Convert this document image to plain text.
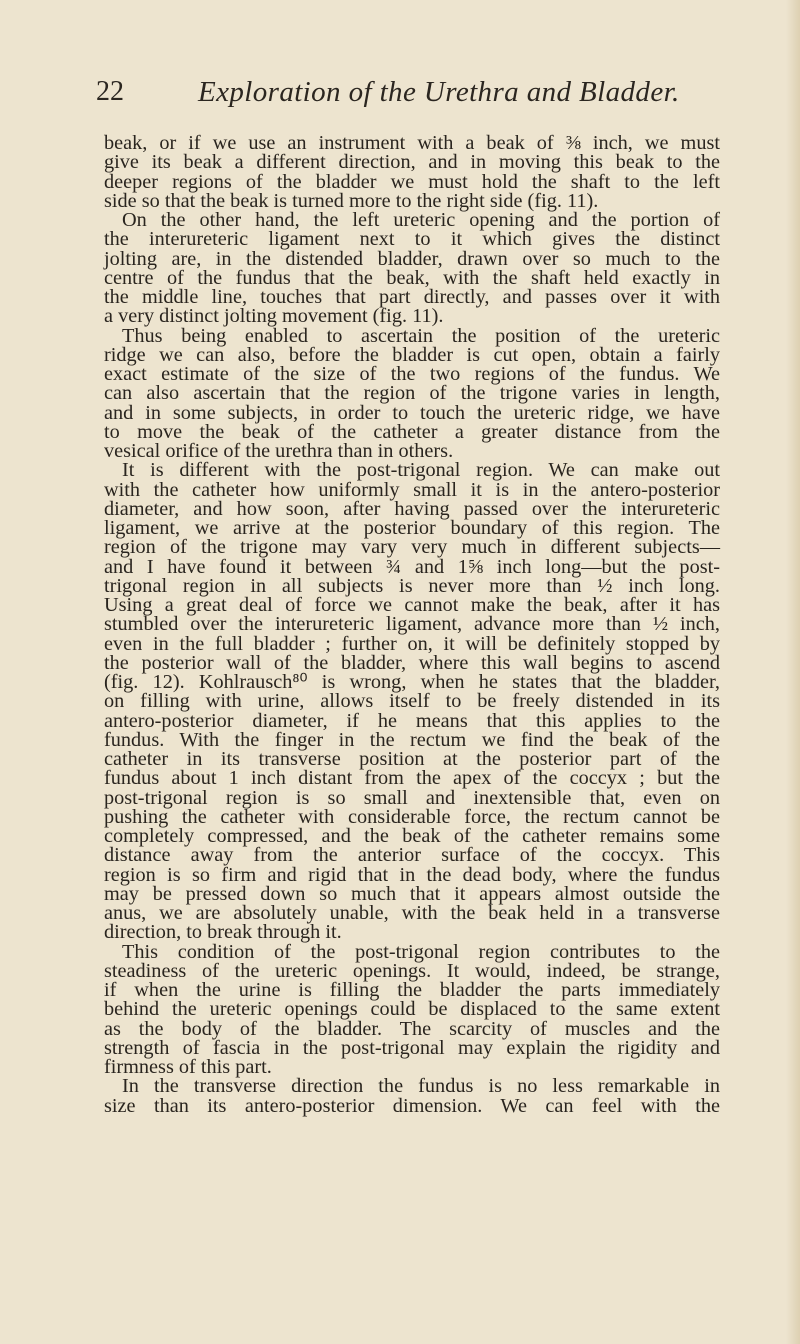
22	Exploration of the Urethra and Bladder.
beak, or if we use an instrument with a beak of ⅜ inch, we must
give its beak a different direction, and in moving this beak to the
deeper regions of the bladder we must hold the shaft to the left
side so that the beak is turned more to the right side (fig. 11).
On the other hand, the left ureteric opening and the portion of
the interureteric ligament next to it which gives the distinct
jolting are, in the distended bladder, drawn over so much to the
centre of the fundus that the beak, with the shaft held exactly in
the middle line, touches that part directly, and passes over it with
a very distinct jolting movement (fig. 11).
Thus being enabled to ascertain the position of the ureteric
ridge we can also, before the bladder is cut open, obtain a fairly
exact estimate of the size of the two regions of the fundus. We
can also ascertain that the region of the trigone varies in length,
and in some subjects, in order to touch the ureteric ridge, we have
to move the beak of the catheter a greater distance from the
vesical orifice of the urethra than in others.
It is different with the post-trigonal region. We can make out
with the catheter how uniformly small it is in the antero-posterior
diameter, and how soon, after having passed over the interureteric
ligament, we arrive at the posterior boundary of this region. The
region of the trigone may vary very much in different subjects—
and I have found it between ¾ and 1⅝ inch long—but the post-
trigonal region in all subjects is never more than ½ inch long.
Using a great deal of force we cannot make the beak, after it has
stumbled over the interureteric ligament, advance more than ½ inch,
even in the full bladder ; further on, it will be definitely stopped by
the posterior wall of the bladder, where this wall begins to ascend
(fig. 12). Kohlrausch⁸⁰ is wrong, when he states that the bladder,
on filling with urine, allows itself to be freely distended in its
antero-posterior diameter, if he means that this applies to the
fundus. With the finger in the rectum we find the beak of the
catheter in its transverse position at the posterior part of the
fundus about 1 inch distant from the apex of the coccyx ; but the
post-trigonal region is so small and inextensible that, even on
pushing the catheter with considerable force, the rectum cannot be
completely compressed, and the beak of the catheter remains some
distance away from the anterior surface of the coccyx. This
region is so firm and rigid that in the dead body, where the fundus
may be pressed down so much that it appears almost outside the
anus, we are absolutely unable, with the beak held in a transverse
direction, to break through it.
This condition of the post-trigonal region contributes to the
steadiness of the ureteric openings. It would, indeed, be strange,
if when the urine is filling the bladder the parts immediately
behind the ureteric openings could be displaced to the same extent
as the body of the bladder. The scarcity of muscles and the
strength of fascia in the post-trigonal may explain the rigidity and
firmness of this part.
In the transverse direction the fundus is no less remarkable in
size than its antero-posterior dimension. We can feel with the
